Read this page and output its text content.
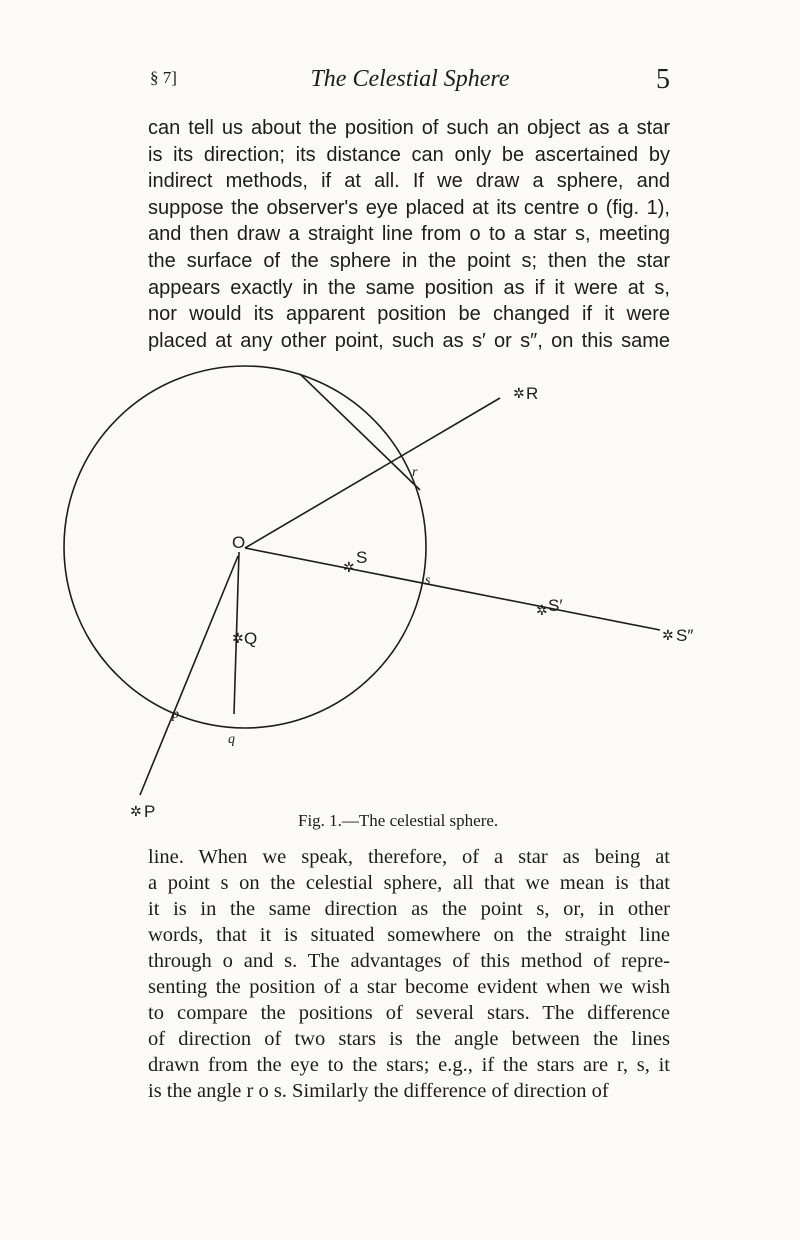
§ 7]	The Celestial Sphere	5

can tell us about the position of such an object as a star
is its direction; its distance can only be ascertained by
indirect methods, if at all. If we draw a sphere, and
suppose the observer's eye placed at its centre o (fig. 1),
and then draw a straight line from o to a star s, meeting
the surface of the sphere in the point s; then the star
appears exactly in the same position as if it were at s,
nor would its apparent position be changed if it were
placed at any other point, such as s′ or s″, on this same

✲ R
r
O
✲
S
s
✲ S′
✲ S″
✲ Q
q
p
✲ P	Fig. 1.—The celestial sphere.

line. When we speak, therefore, of a star as being at
a point s on the celestial sphere, all that we mean is that
it is in the same direction as the point s, or, in other
words, that it is situated somewhere on the straight line
through o and s. The advantages of this method of repre-
senting the position of a star become evident when we wish
to compare the positions of several stars. The difference
of direction of two stars is the angle between the lines
drawn from the eye to the stars; e.g., if the stars are r, s, it
is the angle r o s. Similarly the difference of direction of
